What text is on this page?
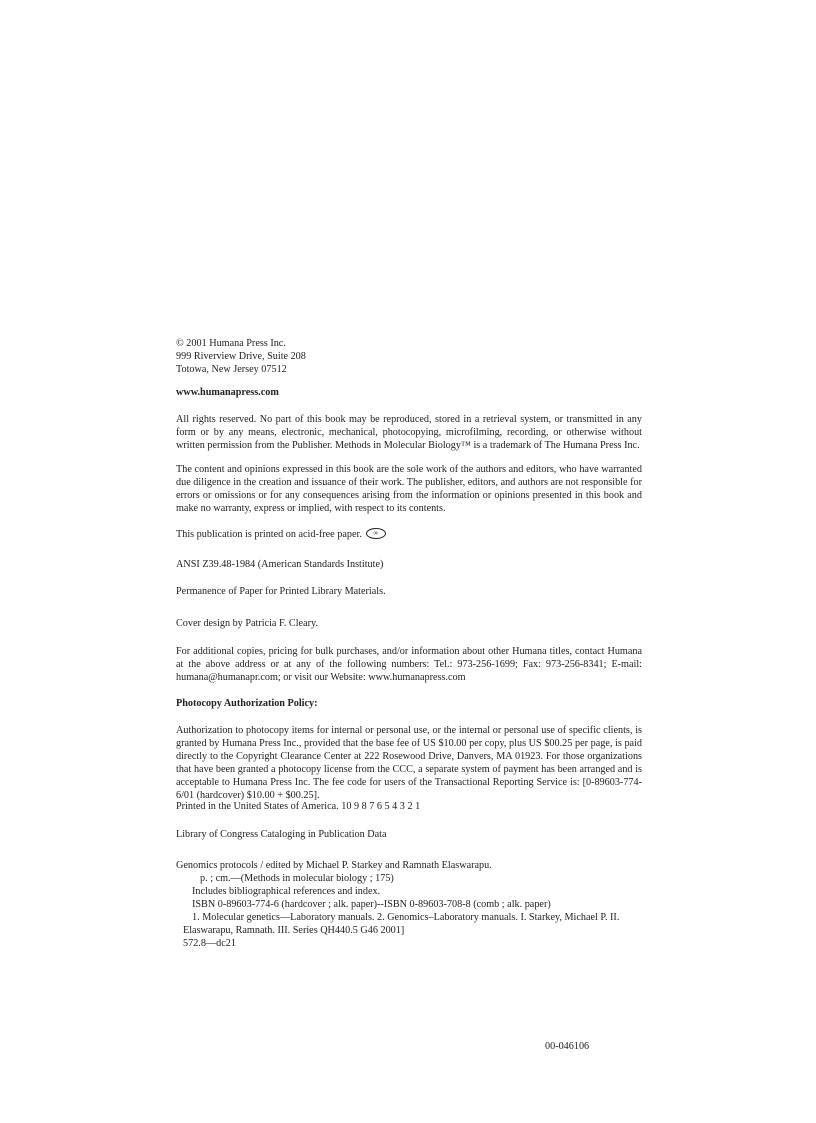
© 2001 Humana Press Inc.
999 Riverview Drive, Suite 208
Totowa, New Jersey 07512
www.humanapress.com

All rights reserved. No part of this book may be reproduced, stored in a retrieval system, or transmitted in any form or by any means, electronic, mechanical, photocopying, microfilming, recording, or otherwise without written permission from the Publisher. Methods in Molecular Biology™ is a trademark of The Humana Press Inc.

The content and opinions expressed in this book are the sole work of the authors and editors, who have warranted due diligence in the creation and issuance of their work. The publisher, editors, and authors are not responsible for errors or omissions or for any consequences arising from the information or opinions presented in this book and make no warranty, express or implied, with respect to its contents.

This publication is printed on acid-free paper. ∞
ANSI Z39.48-1984 (American Standards Institute)
Permanence of Paper for Printed Library Materials.
Cover design by Patricia F. Cleary.

For additional copies, pricing for bulk purchases, and/or information about other Humana titles, contact Humana at the above address or at any of the following numbers: Tel.: 973-256-1699; Fax: 973-256-8341; E-mail: humana@humanapr.com; or visit our Website: www.humanapress.com

Photocopy Authorization Policy:

Authorization to photocopy items for internal or personal use, or the internal or personal use of specific clients, is granted by Humana Press Inc., provided that the base fee of US $10.00 per copy, plus US $00.25 per page, is paid directly to the Copyright Clearance Center at 222 Rosewood Drive, Danvers, MA 01923. For those organizations that have been granted a photocopy license from the CCC, a separate system of payment has been arranged and is acceptable to Humana Press Inc. The fee code for users of the Transactional Reporting Service is: [0-89603-774-6/01 (hardcover) $10.00 + $00.25].

Printed in the United States of America. 10 9 8 7 6 5 4 3 2 1
Library of Congress Cataloging in Publication Data
Genomics protocols / edited by Michael P. Starkey and Ramnath Elaswarapu.
p. ; cm.—(Methods in molecular biology ; 175)
Includes bibliographical references and index.
ISBN 0-89603-774-6 (hardcover ; alk. paper)--ISBN 0-89603-708-8 (comb ; alk. paper)
1. Molecular genetics—Laboratory manuals. 2. Genomics–Laboratory manuals. I. Starkey, Michael P. II.
Elaswarapu, Ramnath. III. Series QH440.5 G46 2001]
572.8—dc21
00-046106
